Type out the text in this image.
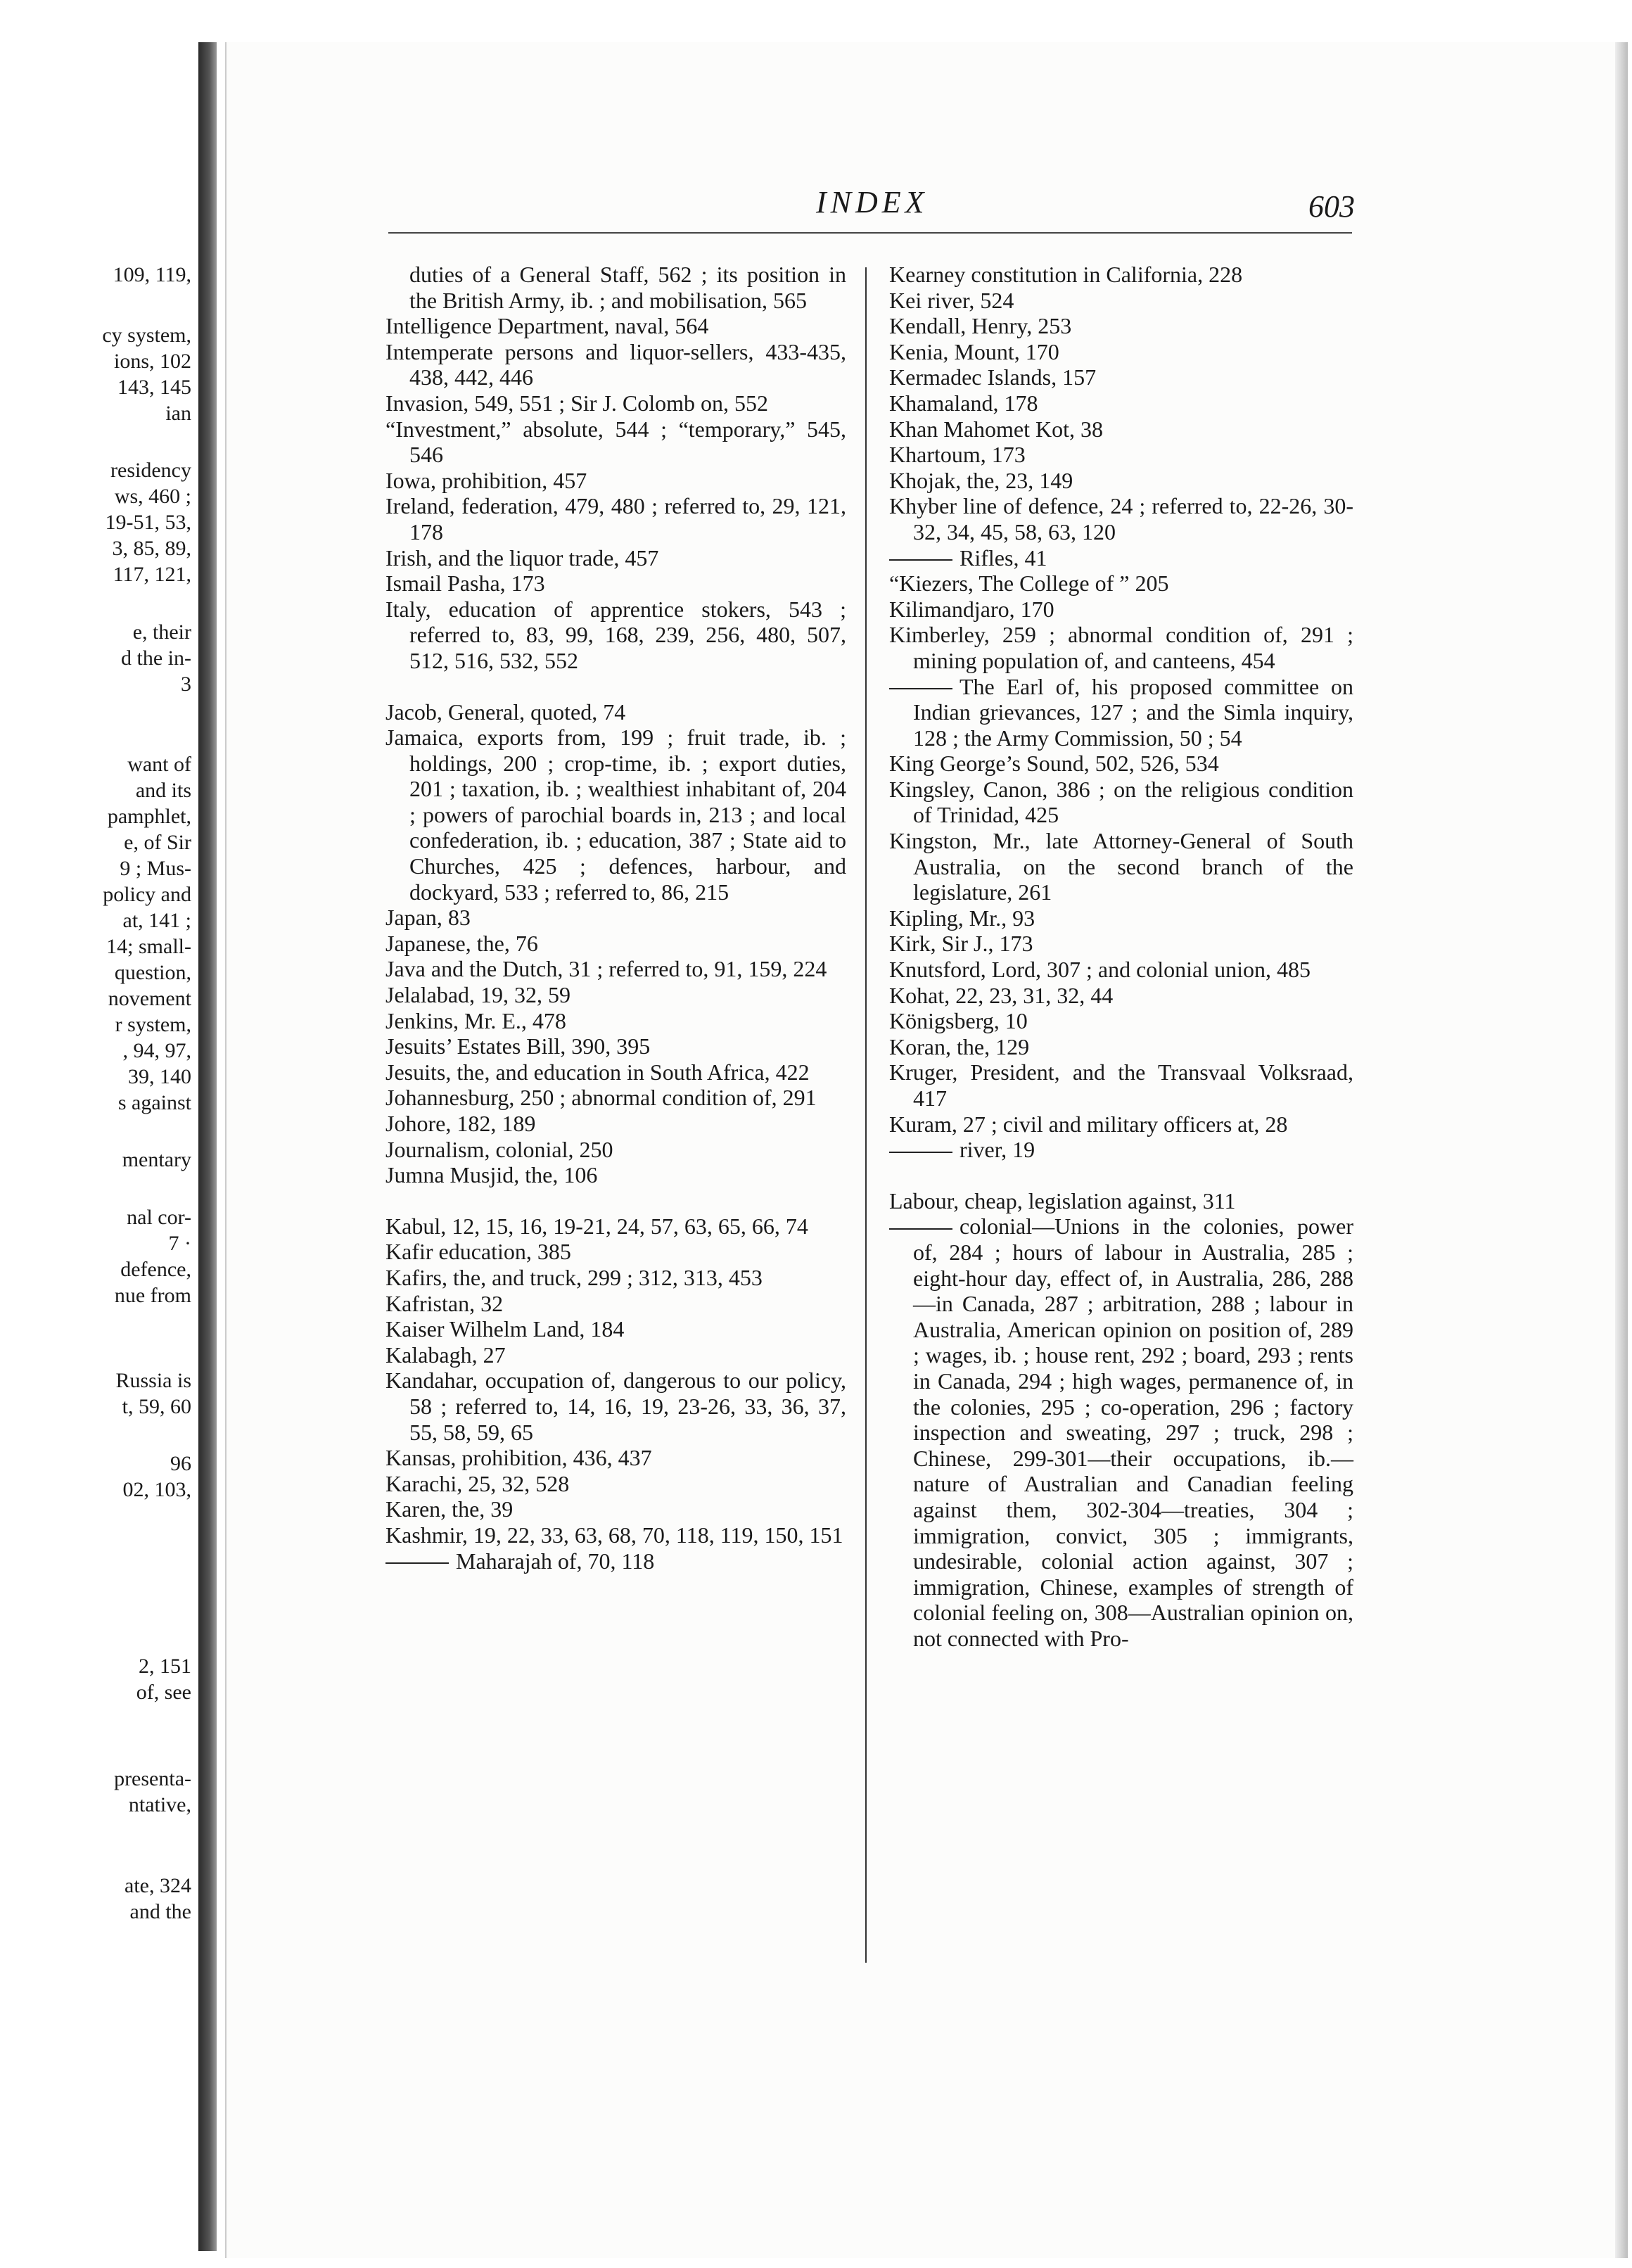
109, 119,
cy system,
ions, 102
143, 145
ian
residency
ws, 460 ;
19-51, 53,
3, 85, 89,
117, 121,
e, their
d the in-
3
want of
and its
pamphlet,
e, of Sir
9 ; Mus-
policy and
at, 141 ;
14; small-
question,
novement
r system,
, 94, 97,
39, 140
s against
mentary
nal cor-
7 ·
defence,
nue from
Russia is
t, 59, 60
96
02, 103,
2, 151
of, see
presenta-
ntative,
ate, 324
and the
INDEX	603

duties of a General Staff, 562 ; its position in the British Army, ib. ; and mobilisation, 565

Intelligence Department, naval, 564

Intemperate persons and liquor-sellers, 433-435, 438, 442, 446

Invasion, 549, 551 ; Sir J. Colomb on, 552

“Investment,” absolute, 544 ; “temporary,” 545, 546

Iowa, prohibition, 457

Ireland, federation, 479, 480 ; referred to, 29, 121, 178

Irish, and the liquor trade, 457

Ismail Pasha, 173

Italy, education of apprentice stokers, 543 ; referred to, 83, 99, 168, 239, 256, 480, 507, 512, 516, 532, 552

Jacob, General, quoted, 74

Jamaica, exports from, 199 ; fruit trade, ib. ; holdings, 200 ; crop-time, ib. ; export duties, 201 ; taxation, ib. ; wealthiest inhabitant of, 204 ; powers of parochial boards in, 213 ; and local confederation, ib. ; education, 387 ; State aid to Churches, 425 ; defences, harbour, and dockyard, 533 ; referred to, 86, 215

Japan, 83

Japanese, the, 76

Java and the Dutch, 31 ; referred to, 91, 159, 224

Jelalabad, 19, 32, 59

Jenkins, Mr. E., 478

Jesuits’ Estates Bill, 390, 395

Jesuits, the, and education in South Africa, 422

Johannesburg, 250 ; abnormal condition of, 291

Johore, 182, 189

Journalism, colonial, 250

Jumna Musjid, the, 106

Kabul, 12, 15, 16, 19-21, 24, 57, 63, 65, 66, 74

Kafir education, 385

Kafirs, the, and truck, 299 ; 312, 313, 453

Kafristan, 32

Kaiser Wilhelm Land, 184

Kalabagh, 27

Kandahar, occupation of, dangerous to our policy, 58 ; referred to, 14, 16, 19, 23-26, 33, 36, 37, 55, 58, 59, 65

Kansas, prohibition, 436, 437

Karachi, 25, 32, 528

Karen, the, 39

Kashmir, 19, 22, 33, 63, 68, 70, 118, 119, 150, 151

Maharajah of, 70, 118

Kearney constitution in California, 228

Kei river, 524

Kendall, Henry, 253

Kenia, Mount, 170

Kermadec Islands, 157

Khamaland, 178

Khan Mahomet Kot, 38

Khartoum, 173

Khojak, the, 23, 149

Khyber line of defence, 24 ; referred to, 22-26, 30-32, 34, 45, 58, 63, 120

Rifles, 41

“Kiezers, The College of ” 205

Kilimandjaro, 170

Kimberley, 259 ; abnormal condition of, 291 ; mining population of, and canteens, 454

The Earl of, his proposed committee on Indian grievances, 127 ; and the Simla inquiry, 128 ; the Army Commission, 50 ; 54

King George’s Sound, 502, 526, 534

Kingsley, Canon, 386 ; on the religious condition of Trinidad, 425

Kingston, Mr., late Attorney-General of South Australia, on the second branch of the legislature, 261

Kipling, Mr., 93

Kirk, Sir J., 173

Knutsford, Lord, 307 ; and colonial union, 485

Kohat, 22, 23, 31, 32, 44

Königsberg, 10

Koran, the, 129

Kruger, President, and the Transvaal Volksraad, 417

Kuram, 27 ; civil and military officers at, 28

river, 19

Labour, cheap, legislation against, 311

colonial—Unions in the colonies, power of, 284 ; hours of labour in Australia, 285 ; eight-hour day, effect of, in Australia, 286, 288—in Canada, 287 ; arbitration, 288 ; labour in Australia, American opinion on position of, 289 ; wages, ib. ; house rent, 292 ; board, 293 ; rents in Canada, 294 ; high wages, permanence of, in the colonies, 295 ; co-operation, 296 ; factory inspection and sweating, 297 ; truck, 298 ; Chinese, 299-301—their occupations, ib.—nature of Australian and Canadian feeling against them, 302-304—treaties, 304 ; immigration, convict, 305 ; immigrants, undesirable, colonial action against, 307 ; immigration, Chinese, examples of strength of colonial feeling on, 308—Australian opinion on, not connected with Pro-
